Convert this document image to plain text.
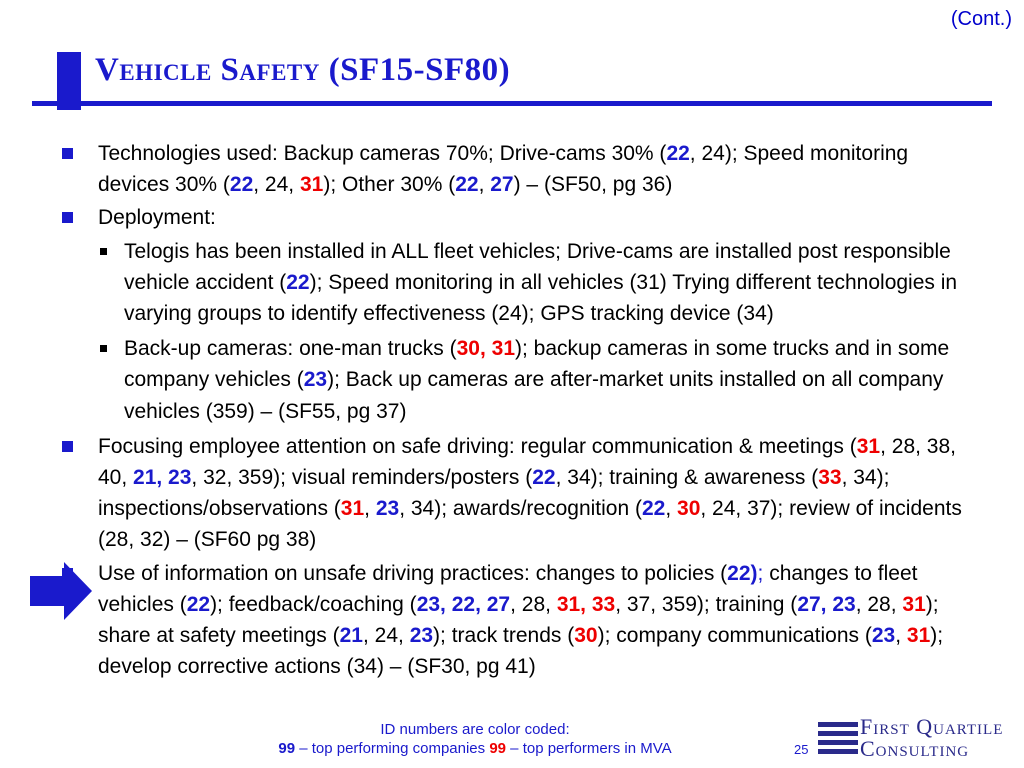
(Cont.)
Vehicle Safety (SF15-SF80)
Technologies used: Backup cameras 70%; Drive-cams 30% (22, 24); Speed monitoring devices 30% (22, 24, 31); Other 30% (22, 27) – (SF50, pg 36)
Deployment:
Telogis has been installed in ALL fleet vehicles; Drive-cams are installed post responsible vehicle accident (22); Speed monitoring in all vehicles (31) Trying different technologies in varying groups to identify effectiveness (24); GPS tracking device (34)
Back-up cameras: one-man trucks (30, 31); backup cameras in some trucks and in some company vehicles (23); Back up cameras are after-market units installed on all company vehicles (359) – (SF55, pg 37)
Focusing employee attention on safe driving: regular communication & meetings (31, 28, 38, 40, 21, 23, 32, 359); visual reminders/posters (22, 34); training & awareness (33, 34); inspections/observations (31, 23, 34); awards/recognition (22, 30, 24, 37); review of incidents (28, 32) – (SF60 pg 38)
Use of information on unsafe driving practices: changes to policies (22); changes to fleet vehicles (22); feedback/coaching (23, 22, 27, 28, 31, 33, 37, 359); training (27, 23, 28, 31); share at safety meetings (21, 24, 23); track trends (30); company communications (23, 31); develop corrective actions (34) – (SF30, pg 41)
ID numbers are color coded:
99 – top performing companies 99 – top performers in MVA	25
First Quartile
Consulting
